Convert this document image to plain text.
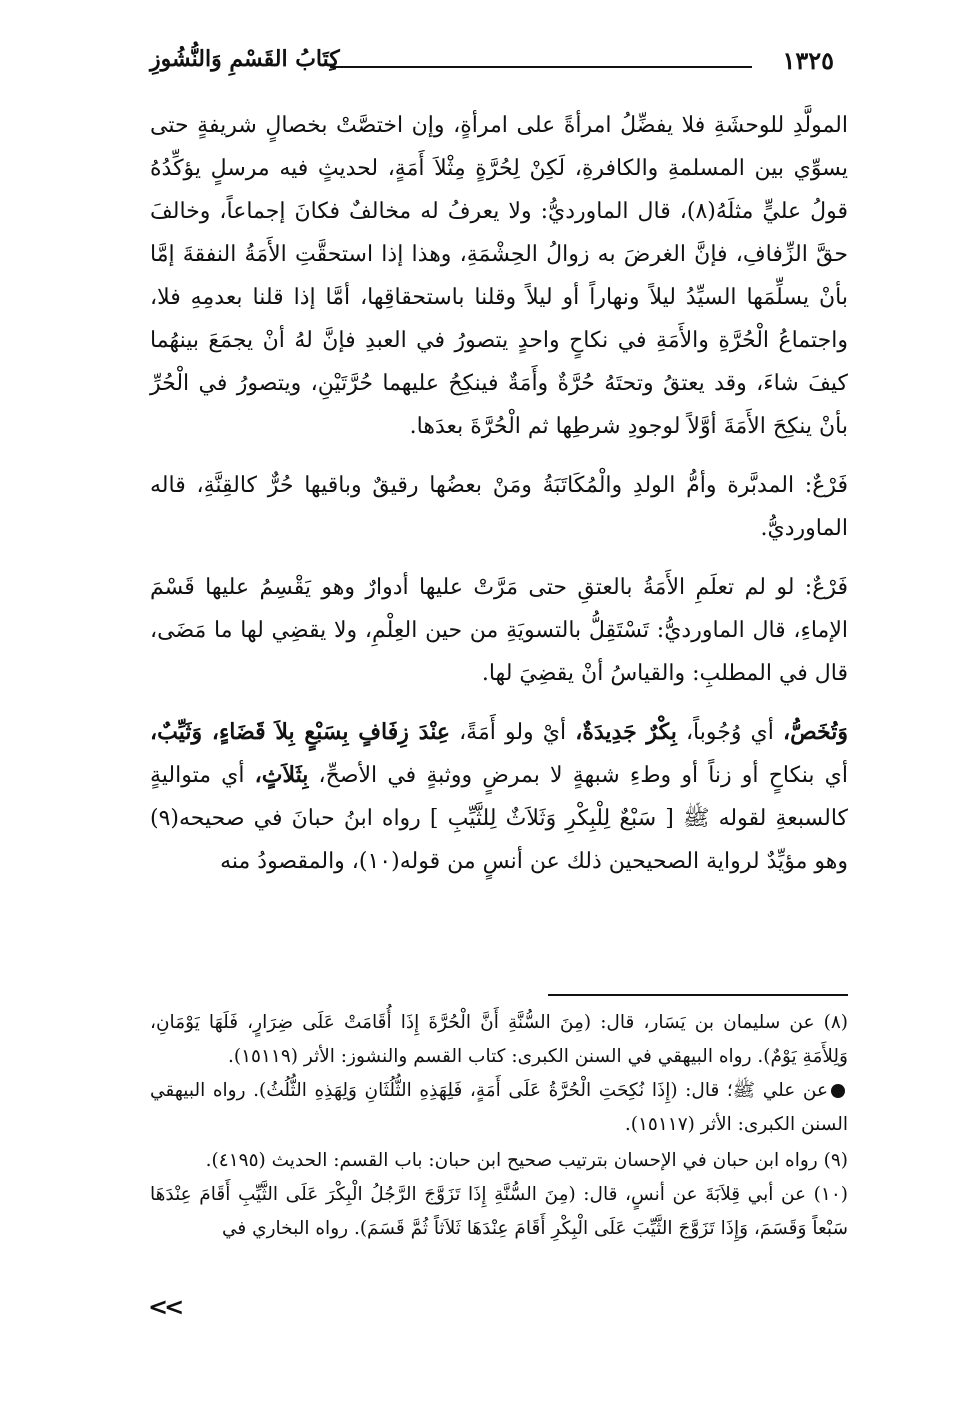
١٣٢٥
كِتَابُ القَسْمِ وَالنُّشُوزِ

المولَّدِ للوحشَةِ فلا يفضِّلُ امرأةً على امرأةٍ، وإن اختصَّتْ بخصالٍ شريفةٍ حتى يسوِّي بين المسلمةِ والكافرةِ، لَكِنْ لِحُرَّةٍ مِثْلاَ أَمَةٍ، لحديثٍ فيه مرسلٍ يؤكِّدُهُ قولُ عليٍّ مثلَهُ(٨)، قال الماورديُّ: ولا يعرفُ له مخالفٌ فكانَ إجماعاً، وخالفَ حقَّ الزِّفافِ، فإنَّ الغرضَ به زوالُ الحِشْمَةِ، وهذا إذا استحقَّتِ الأَمَةُ النفقةَ إمَّا بأنْ يسلِّمَها السيِّدُ ليلاً ونهاراً أو ليلاً وقلنا باستحقاقِها، أمَّا إذا قلنا بعدمِهِ فلا، واجتماعُ الْحُرَّةِ والأَمَةِ في نكاحٍ واحدٍ يتصورُ في العبدِ فإنَّ لهُ أنْ يجمَعَ بينهُما كيفَ شاءَ، وقد يعتقُ وتحتَهُ حُرَّةٌ وأَمَةٌ فينكِحُ عليهما حُرَّتَيْنِ، ويتصورُ في الْحُرِّ بأنْ ينكِحَ الأَمَةَ أوَّلاً لوجودِ شرطِها ثم الْحُرَّةَ بعدَها.

فَرْعٌ: المدبَّرة وأمُّ الولدِ والْمُكَاتَبَةُ ومَنْ بعضُها رقيقٌ وباقيها حُرٌّ كالقِنَّةِ، قاله الماورديُّ.

فَرْعٌ: لو لم تعلَمِ الأَمَةُ بالعتقِ حتى مَرَّتْ عليها أدوارٌ وهو يَقْسِمُ عليها قَسْمَ الإماءِ، قال الماورديُّ: تَسْتَقِلُّ بالتسويَةِ من حين العِلْمِ، ولا يقضِي لها ما مَضَى، قال في المطلبِ: والقياسُ أنْ يقضِيَ لها.

وَتُخَصُّ، أي وُجُوباً، بِكْرٌ جَدِيدَةٌ، أيْ ولو أَمَةً، عِنْدَ زِفَافٍ بِسَبْعٍ بِلاَ قَضَاءٍ، وَثَيِّبٌ، أي بنكاحٍ أو زناً أو وطءِ شبهةٍ لا بمرضٍ ووثبةٍ في الأصحِّ، بِثَلاَثٍ، أي متواليةٍ كالسبعةِ لقوله ﷺ [ سَبْعٌ لِلْبِكْرِ وَثَلاَثٌ لِلثَّيِّبِ ] رواه ابنُ حبانَ في صحيحه(٩) وهو مؤيِّدٌ لرواية الصحيحين ذلك عن أنسٍ من قوله(١٠)، والمقصودُ منه

(٨) عن سليمان بن يَسَار، قال: (مِنَ السُّنَّةِ أَنَّ الْحُرَّةَ إِذَا أُقَامَتْ عَلَى ضِرَارٍ، فَلَهَا يَوْمَانِ، وَلِلأَمَةِ يَوْمٌ). رواه البيهقي في السنن الكبرى: كتاب القسم والنشوز: الأثر (١٥١١٩).

عن علي ﷺ؛ قال: (إِذَا نُكِحَتِ الْحُرَّةُ عَلَى أَمَةٍ، فَلِهَذِهِ الثُّلُثَانِ وَلِهَذِهِ الثُّلُثُ). رواه البيهقي السنن الكبرى: الأثر (١٥١١٧).

(٩) رواه ابن حبان في الإحسان بترتيب صحيح ابن حبان: باب القسم: الحديث (٤١٩٥).

(١٠) عن أبي قِلاَبَةَ عن أنسٍ، قال: (مِنَ السُّنَّةِ إِذَا تَزَوَّجَ الرَّجُلُ الْبِكْرَ عَلَى الثَّيِّبِ أَقَامَ عِنْدَهَا سَبْعاً وَقَسَمَ، وَإِذَا تَزَوَّجَ الثَّيِّبَ عَلَى الْبِكْرِ أَقَامَ عِنْدَهَا ثَلاَثاً ثُمَّ قَسَمَ). رواه البخاري في

<<
